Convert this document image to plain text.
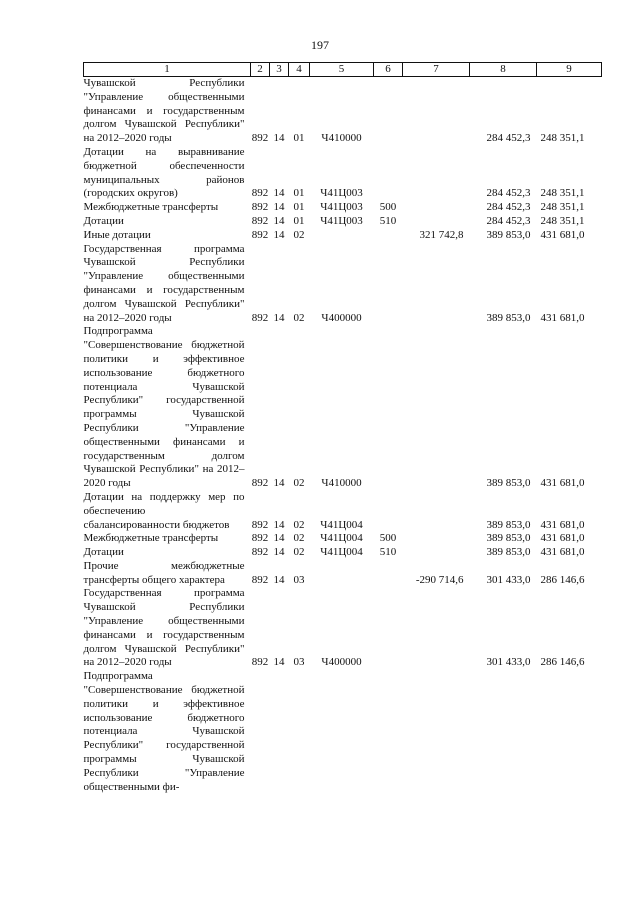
197
1	2	3	4	5	6	7	8	9
Чувашской Республики "Управление общественными финансами и государственным долгом Чувашской Республики" на 2012–2020 годы	892	14	01	Ч410000			284 452,3	248 351,1
Дотации на выравнивание бюджетной обеспеченности муниципальных районов (городских округов)	892	14	01	Ч41Ц003			284 452,3	248 351,1
Межбюджетные трансферты	892	14	01	Ч41Ц003	500		284 452,3	248 351,1
Дотации	892	14	01	Ч41Ц003	510		284 452,3	248 351,1
Иные дотации	892	14	02			321 742,8	389 853,0	431 681,0
Государственная программа Чувашской Республики "Управление общественными финансами и государственным долгом Чувашской Республики" на 2012–2020 годы	892	14	02	Ч400000			389 853,0	431 681,0
Подпрограмма "Совершенствование бюджетной политики и эффективное использование бюджетного потенциала Чувашской Республики" государственной программы Чувашской Республики "Управление общественными финансами и государственным долгом Чувашской Республики" на 2012–2020 годы	892	14	02	Ч410000			389 853,0	431 681,0
Дотации на поддержку мер по обеспечению сбалансированности бюджетов	892	14	02	Ч41Ц004			389 853,0	431 681,0
Межбюджетные трансферты	892	14	02	Ч41Ц004	500		389 853,0	431 681,0
Дотации	892	14	02	Ч41Ц004	510		389 853,0	431 681,0
Прочие межбюджетные трансферты общего характера	892	14	03			-290 714,6	301 433,0	286 146,6
Государственная программа Чувашской Республики "Управление общественными финансами и государственным долгом Чувашской Республики" на 2012–2020 годы	892	14	03	Ч400000			301 433,0	286 146,6
Подпрограмма "Совершенствование бюджетной политики и эффективное использование бюджетного потенциала Чувашской Республики" государственной программы Чувашской Республики "Управление общественными фи-								
